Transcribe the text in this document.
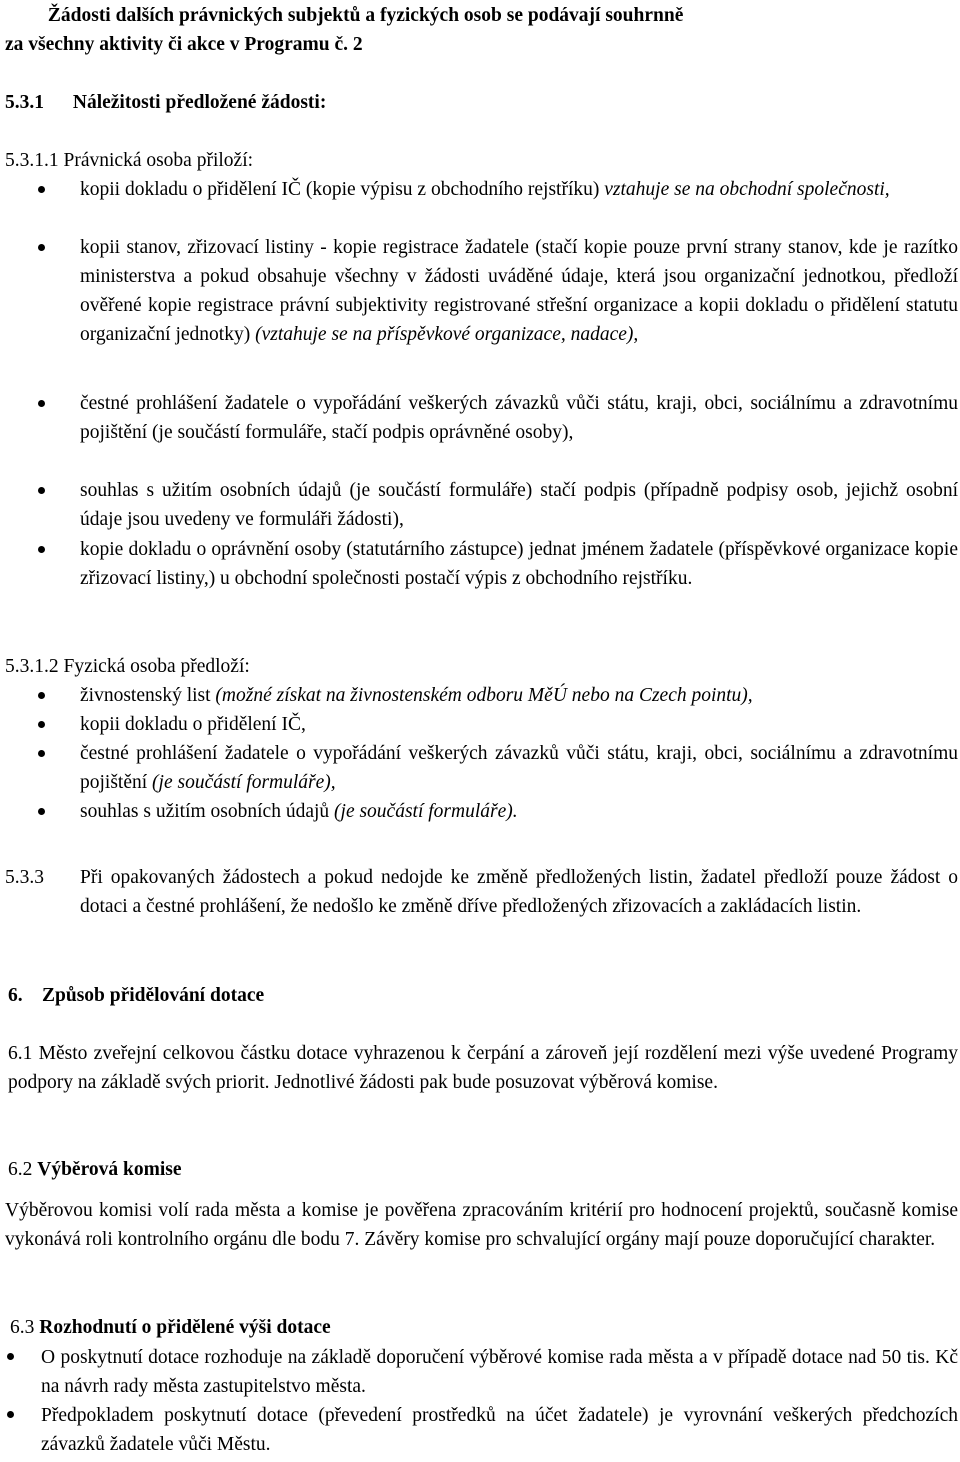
Žádosti dalších právnických subjektů a fyzických osob se podávají souhrnně
za všechny aktivity či akce v Programu č. 2
5.3.1 Náležitosti předložené žádosti:
5.3.1.1 Právnická osoba přiloží:
kopii dokladu o přidělení IČ (kopie výpisu z obchodního rejstříku) vztahuje se na obchodní společnosti,
kopii stanov, zřizovací listiny - kopie registrace žadatele (stačí kopie pouze první strany stanov, kde je razítko ministerstva a pokud obsahuje všechny v žádosti uváděné údaje, která jsou organizační jednotkou, předloží ověřené kopie registrace právní subjektivity registrované střešní organizace a kopii dokladu o přidělení statutu organizační jednotky) (vztahuje se na příspěvkové organizace, nadace),
čestné prohlášení žadatele o vypořádání veškerých závazků vůči státu, kraji, obci, sociálnímu a zdravotnímu pojištění (je součástí formuláře, stačí podpis oprávněné osoby),
souhlas s užitím osobních údajů (je součástí formuláře) stačí podpis (případně podpisy osob, jejichž osobní údaje jsou uvedeny ve formuláři žádosti),
kopie dokladu o oprávnění osoby (statutárního zástupce) jednat jménem žadatele (příspěvkové organizace kopie zřizovací listiny,) u obchodní společnosti postačí výpis z obchodního rejstříku.
5.3.1.2 Fyzická osoba předloží:
živnostenský list (možné získat na živnostenském odboru MěÚ nebo na Czech pointu),
kopii dokladu o přidělení IČ,
čestné prohlášení žadatele o vypořádání veškerých závazků vůči státu, kraji, obci, sociálnímu a zdravotnímu pojištění (je součástí formuláře),
souhlas s užitím osobních údajů (je součástí formuláře).
5.3.3 Při opakovaných žádostech a pokud nedojde ke změně předložených listin, žadatel předloží pouze žádost o dotaci a čestné prohlášení, že nedošlo ke změně dříve předložených zřizovacích a zakládacích listin.
6. Způsob přidělování dotace
6.1 Město zveřejní celkovou částku dotace vyhrazenou k čerpání a zároveň její rozdělení mezi výše uvedené Programy podpory na základě svých priorit. Jednotlivé žádosti pak bude posuzovat výběrová komise.
6.2 Výběrová komise
Výběrovou komisi volí rada města a komise je pověřena zpracováním kritérií pro hodnocení projektů, současně komise vykonává roli kontrolního orgánu dle bodu 7. Závěry komise pro schvalující orgány mají pouze doporučující charakter.
6.3 Rozhodnutí o přidělené výši dotace
O poskytnutí dotace rozhoduje na základě doporučení výběrové komise rada města a v případě dotace nad 50 tis. Kč na návrh rady města zastupitelstvo města.
Předpokladem poskytnutí dotace (převedení prostředků na účet žadatele) je vyrovnání veškerých předchozích závazků žadatele vůči Městu.
